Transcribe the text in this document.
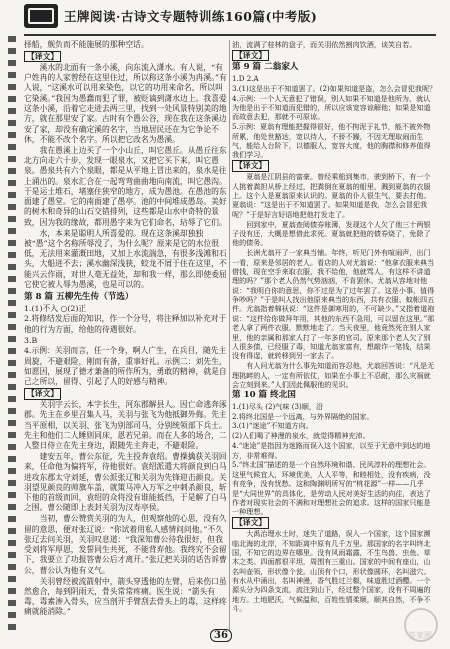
王牌阅读·古诗文专题特训练160篇(中考版)

择船，舰负而不能施展的那种空话。

【译文】

溪水的北面有一条小溪，向东流入潇水。有人说，“有户姓冉的人家曾经在这里住过，所以称这条小溪为冉溪。”有人说，“这溪水可以用来染色，以它的功用来命名，所以叫它染溪。”我因为愚蠢而犯了罪，被贬谪到潇水边上。我喜爱这条小溪，沿着它走进去两三里，找到一处风景特别美的地方，就在那里安了家。古时有个愚公谷，现在我在这条溪边安了家，却没有确定溪的名字，当地居民还在为它争论不休，不能不改个名字。所以把它改名为愚溪。

我在愚溪上边买了一个小山丘，叫它愚丘。从愚丘往东北方向走六十步，发现一眼泉水，又把它买下来，叫它愚泉。愚泉共有六个泉眼，都是从平地上冒出来的，泉水是往上涌出的。泉水汇合在一起弯弯曲曲地向南流，叫它愚沟。于是运土堆石，堵塞住狭窄的地方，成为愚池。在愚池的东面建了愚堂。它的南面建了愚亭。池的中间堆成愚岛。美好的树木和奇异的山石交错排列，这些都是山水中奇特的景致，因为我的缘故，都用愚字来为它们命名，玷辱了它们。

水，本来是聪明人所喜爱的。现在这条溪却独独被“愚”这个名称所辱没了，为什么呢？原来是它的水位很低，无法用来灌溉田地，又加上水流湍急，有很多浅滩和石头，大船进不去；溪水幽深浅狭，蛟龙不屑于住在这里，不能兴云作雨，对世人毫无益处，却和我一样，那么即使委屈它使它被人辱为愚溪，也是可以的。

第 8 篇 五柳先生传（节选）

1.(1)不入 ○(2)正

2.将修结发后面的知识，作一个分号，将注释加以补充对于他的行为方面，给他的待遇很好。

3.B

4.示例：关羽而言，任一个身，啊人广生，在兵目，随先主周旋，不避艰险，刚而有备，重事好礼。示例二：刘先生，如愿因，展现了德才兼备的所作所为，勇敢的精神，就是自己之所以，留得、引起了人的好感与精神。

【译文】

关羽字云长，本字长生，河东郡解县人。因亡命逃奔涿郡。先主在乡里召集人马，关羽与张飞为他抵御外侮。先主当平原相，以关羽、张飞为别部司马，分别统领部下兵士。先主和他们二人睡则同床，恩若兄弟。而在人多的场合，二人整日侍立在先主身边，跟随先主奔走，不避艰险。

建安五年，曹公东征，先主投奔袁绍。曹操擒获关羽回来，任命他为偏将军，待他很好。袁绍派遣大将颜良到白马进攻东郡太守刘延，曹公派张辽和关羽为先锋迎击颜良。关羽望见颜良的帅旗车盖，就策马冲入万军之中刺杀颜良，斩下他的首级而回，袁绍的众将没有谁能抵挡，于是解了白马之围。曹公随即上表封关羽为汉寿亭侯。

当初，曹公赞赏关羽的为人，但观察他的心思，没有久留的意思，便对张辽说：“你试着用私人感情问问他。”不久张辽去问关羽，关羽叹息道：“我深知曹公待我很好，但我受刘将军厚恩，发誓同生共死，不能背弃他。我终究不会留下，我要立了功报答曹公后才离开。”张辽把关羽的话告诉曹公，曹公认为他有义气。

关羽曾经被流箭射中，箭头穿透他的左臂，后来伤口虽然愈合，每到阴雨天，骨头常常疼痛。医生说：“箭头有毒，毒素渗入骨头，应当剖开手臂刮去骨头上的毒，这样疼痛就能消除。”

油，流满了桂林的盘子，而关羽依然割肉饮酒，谈笑自若。

【译文】

第 9 篇 二翁家人

1.D 2.A

3.(1)这是出于不知道罢了。(2)如果知道是盗，怎么会冒犯我呢？

4.示例：一个人无意犯了错误，别人如果不知道是他所为，就认为他是出于不知道而犯错的，所以应该宽容谅解他；如果是知道而故意去犯，那就不可原谅。

5.示例：夏翁有理能把握得很好，他不拘泥于礼节，能不被外物所累，他处世豁达，宽以待人，不骄不躁，不因无理取闹而生气，能给人台阶下，以德服人，宽容大度，他的胸襟和修养值得我们学习。

【译文】

夏翁是江阴县的富豪。曾经乘船到集市，驶到桥下，有一个人挑着粪担从桥上经过，把粪倒在夏翁的船里，溅到夏翁的衣服上。这个人是夏翁原来认识的。夏翁的仆人很生气，要去打他。夏翁说：“这是出于不知道罢了。如果知道是我，怎么会冒犯我呢？”于是好言好语地把他打发走了。

回到家中，夏翁查阅债券账簿，发现这个人欠了他三十两银子没有还，大概是想借此求死。夏翁就把他的债券烧了，免除了他的债务。

长洲尤翁开了一家典当铺。年终，听见门外有喧闹声，出门一看，原来是邻居的老人。看店的人对尤翁说：“他拿衣服来典当借钱，现在空手来取衣服，我不给他，他就骂人，有这样不讲道理的吗？”那个老人仍然气势汹汹，不肯罢休。尤翁从容地对他说：“我明白你的意思，你不过是为了过年罢了。这是小事，值得争吵吗？”于是叫人找出他原来典当的东西，共有衣服、蚊帐四五件。尤翁指着棉袄说：“这件是御寒用的，不可缺少。”又指着道袍说：“这件给你做拜年用，其他的东西不急用，可以留在这里。”那老人拿了两件衣服，默默地走了。当天夜里，他竟然死在别人家里，他的亲属和那家人打了一年多的官司。原来那个老人欠了别人很多债，已经服了毒，知道尤翁家富有，想敲诈一笔钱，结果没有得逞，就转移到另一家去了。

有人问尤翁为什么事先知道而容忍他，尤翁回答说：“凡是无理挑衅的人，一定有所依仗，如果在小事上不忍耐，那么灾祸就会立刻到来。”人们因此佩服他的见识。

第 10 篇 终北国

1.(1)尽头 (2)气味 (3)顺，沿

2.将终北国是一个远离，与外界隔绝的国家。

3.(1)“迷途”不知道方向。

(2)人们喝了神漫的泉水，就觉得精神充沛。

4.“迷途”是指因为迷路而误入这个国家，以至于无意中到达的地方，非常难得。

5.“终北国”描述的是一个自然环境和谐、民风淳朴的理想社会。这里气候宜人，环境优美，人人平等，和睦相处，没有疾病，没有竞争，没有忧愁。这和陶渊明所写的“桃花源”一样——几乎是“大同世界”的具体化，是劳动人民对美好生活的向往，表达了作者对现实社会的不满和对理想社会的追求。这样的国家只能是一种理想。

【译文】

大禹治理水土时，迷失了道路，误入一个国家，这个国家濒临北海的北岸，不知距离中原有几千万里。那国家的名字叫终北国，不知它的边界在哪里。没有风雨霜露，不生鸟兽、虫鱼、草木之类。四面都很平坦，周围有三重山。国家的中间有座山，山名叫壶领，形状像个瓮。山顶有个口，形状像圆环，名叫滋穴。有水从中涌出，名叫神漫，香气胜过兰椒，味道胜过酒醴。一个源头分为四条支流，流注到山下，经过整个国家，没有不周遍的地方。土地肥沃，气候温和，百姓性情柔顺，顺其自然，不争不斗。

36	答案圈
